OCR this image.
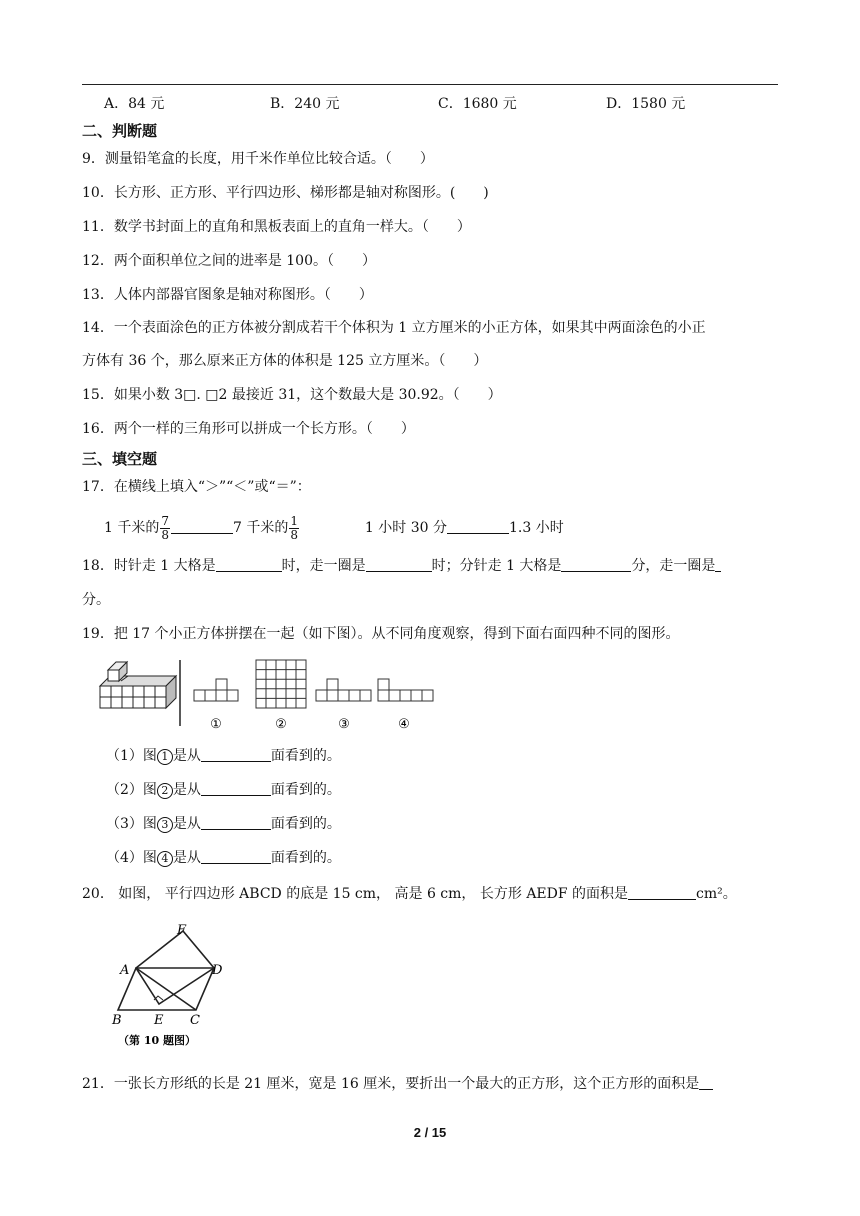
A．84 元	B．240 元	C．1680 元	D．1580 元
二、判断题
9．测量铅笔盒的长度，用千米作单位比较合适。（　　）
10．长方形、正方形、平行四边形、梯形都是轴对称图形。(　　)
11．数学书封面上的直角和黑板表面上的直角一样大。（　　）
12．两个面积单位之间的进率是 100。（　　）
13．人体内部器官图象是轴对称图形。（　　）
14．一个表面涂色的正方体被分割成若干个体积为 1 立方厘米的小正方体，如果其中两面涂色的小正
方体有 36 个，那么原来正方体的体积是 125 立方厘米。（　　）
15．如果小数 3□. □2 最接近 31，这个数最大是 30.92。（　　）
16．两个一样的三角形可以拼成一个长方形。（　　）
三、填空题
17．在横线上填入“＞”“＜”或“＝”：
1 千米的 $\frac{7}{8}$	7 千米的 $\frac{1}{8}$	1 小时 30 分	1.3 小时
18．时针走 1 大格是	时，走一圈是	时；分针走 1 大格是	分，走一圈是
分。
19．把 17 个小正方体拼摆在一起（如下图）。从不同角度观察，得到下面右面四种不同的图形。
①	②	③	④
（1）图 1 是从	面看到的。
（2）图 2 是从	面看到的。
（3）图 3 是从	面看到的。
（4）图 4 是从	面看到的。
20． 如图， 平行四边形 ABCD 的底是 15 cm， 高是 6 cm， 长方形 AEDF 的面积是	cm²。
F
A	D
B E C
（第 10 题图）
21．一张长方形纸的长是 21 厘米，宽是 16 厘米，要折出一个最大的正方形，这个正方形的面积是
2 / 15
